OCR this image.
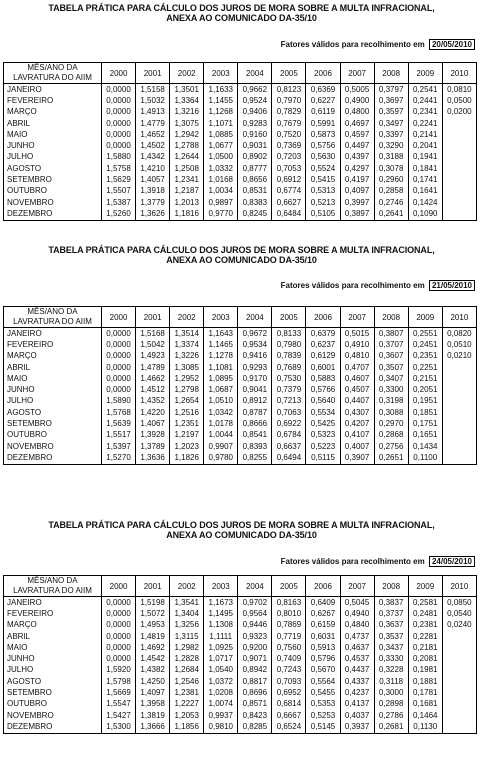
TABELA PRÁTICA PARA CÁLCULO DOS JUROS DE MORA SOBRE A MULTA INFRACIONAL,
ANEXA AO COMUNICADO DA-35/10
Fatores válidos para recolhimento em 20/05/2010
MÊS/ANO DA LAVRATURA DO AIIM	2000	2001	2002	2003	2004	2005	2006	2007	2008	2009	2010
JANEIRO	0,0000	1,5158	1,3501	1,1633	0,9662	0,8123	0,6369	0,5005	0,3797	0,2541	0,0810
FEVEREIRO	0,0000	1,5032	1,3364	1,1455	0,9524	0,7970	0,6227	0,4900	0,3697	0,2441	0,0500
MARÇO	0,0000	1,4913	1,3216	1,1268	0,9406	0,7829	0,6119	0,4800	0,3597	0,2341	0,0200
ABRIL	0,0000	1,4779	1,3075	1,1071	0,9283	0,7679	0,5991	0,4697	0,3497	0,2241	
MAIO	0,0000	1,4652	1,2942	1,0885	0,9160	0,7520	0,5873	0,4597	0,3397	0,2141	
JUNHO	0,0000	1,4502	1,2788	1,0677	0,9031	0,7369	0,5756	0,4497	0,3290	0,2041	
JULHO	1,5880	1,4342	1,2644	1,0500	0,8902	0,7203	0,5630	0,4397	0,3188	0,1941	
AGOSTO	1,5758	1,4210	1,2508	1,0332	0,8777	0,7053	0,5524	0,4297	0,3078	0,1841	
SETEMBRO	1,5629	1,4057	1,2341	1,0168	0,8656	0,6912	0,5415	0,4197	0,2960	0,1741	
OUTUBRO	1,5507	1,3918	1,2187	1,0034	0,8531	0,6774	0,5313	0,4097	0,2858	0,1641	
NOVEMBRO	1,5387	1,3779	1,2013	0,9897	0,8383	0,6627	0,5213	0,3997	0,2746	0,1424	
DEZEMBRO	1,5260	1,3626	1,1816	0,9770	0,8245	0,6484	0,5105	0,3897	0,2641	0,1090	
TABELA PRÁTICA PARA CÁLCULO DOS JUROS DE MORA SOBRE A MULTA INFRACIONAL,
ANEXA AO COMUNICADO DA-35/10
Fatores válidos para recolhimento em 21/05/2010
MÊS/ANO DA LAVRATURA DO AIIM	2000	2001	2002	2003	2004	2005	2006	2007	2008	2009	2010
JANEIRO	0,0000	1,5168	1,3514	1,1643	0,9672	0,8133	0,6379	0,5015	0,3807	0,2551	0,0820
FEVEREIRO	0,0000	1,5042	1,3374	1,1465	0,9534	0,7980	0,6237	0,4910	0,3707	0,2451	0,0510
MARÇO	0,0000	1,4923	1,3226	1,1278	0,9416	0,7839	0,6129	0,4810	0,3607	0,2351	0,0210
ABRIL	0,0000	1,4789	1,3085	1,1081	0,9293	0,7689	0,6001	0,4707	0,3507	0,2251	
MAIO	0,0000	1,4662	1,2952	1,0895	0,9170	0,7530	0,5883	0,4607	0,3407	0,2151	
JUNHO	0,0000	1,4512	1,2798	1,0687	0,9041	0,7379	0,5766	0,4507	0,3300	0,2051	
JULHO	1,5890	1,4352	1,2654	1,0510	0,8912	0,7213	0,5640	0,4407	0,3198	0,1951	
AGOSTO	1,5768	1,4220	1,2516	1,0342	0,8787	0,7063	0,5534	0,4307	0,3088	0,1851	
SETEMBRO	1,5639	1,4067	1,2351	1,0178	0,8666	0,6922	0,5425	0,4207	0,2970	0,1751	
OUTUBRO	1,5517	1,3928	1,2197	1,0044	0,8541	0,6784	0,5323	0,4107	0,2868	0,1651	
NOVEMBRO	1,5397	1,3789	1,2023	0,9907	0,8393	0,6637	0,5223	0,4007	0,2756	0,1434	
DEZEMBRO	1,5270	1,3636	1,1826	0,9780	0,8255	0,6494	0,5115	0,3907	0,2651	0,1100	
TABELA PRÁTICA PARA CÁLCULO DOS JUROS DE MORA SOBRE A MULTA INFRACIONAL,
ANEXA AO COMUNICADO DA-35/10
Fatores válidos para recolhimento em 24/05/2010
MÊS/ANO DA LAVRATURA DO AIIM	2000	2001	2002	2003	2004	2005	2006	2007	2008	2009	2010
JANEIRO	0,0000	1,5198	1,3541	1,1673	0,9702	0,8163	0,6409	0,5045	0,3837	0,2581	0,0850
FEVEREIRO	0,0000	1,5072	1,3404	1,1495	0,9564	0,8010	0,6267	0,4940	0,3737	0,2481	0,0540
MARÇO	0,0000	1,4953	1,3256	1,1308	0,9446	0,7869	0,6159	0,4840	0,3637	0,2381	0,0240
ABRIL	0,0000	1,4819	1,3115	1,1111	0,9323	0,7719	0,6031	0,4737	0,3537	0,2281	
MAIO	0,0000	1,4692	1,2982	1,0925	0,9200	0,7560	0,5913	0,4637	0,3437	0,2181	
JUNHO	0,0000	1,4542	1,2828	1,0717	0,9071	0,7409	0,5796	0,4537	0,3330	0,2081	
JULHO	1,5920	1,4382	1,2684	1,0540	0,8942	0,7243	0,5670	0,4437	0,3228	0,1981	
AGOSTO	1,5798	1,4250	1,2546	1,0372	0,8817	0,7093	0,5564	0,4337	0,3118	0,1881	
SETEMBRO	1,5669	1,4097	1,2381	1,0208	0,8696	0,6952	0,5455	0,4237	0,3000	0,1781	
OUTUBRO	1,5547	1,3958	1,2227	1,0074	0,8571	0,6814	0,5353	0,4137	0,2898	0,1681	
NOVEMBRO	1,5427	1,3819	1,2053	0,9937	0,8423	0,6667	0,5253	0,4037	0,2786	0,1464	
DEZEMBRO	1,5300	1,3666	1,1856	0,9810	0,8285	0,6524	0,5145	0,3937	0,2681	0,1130	
